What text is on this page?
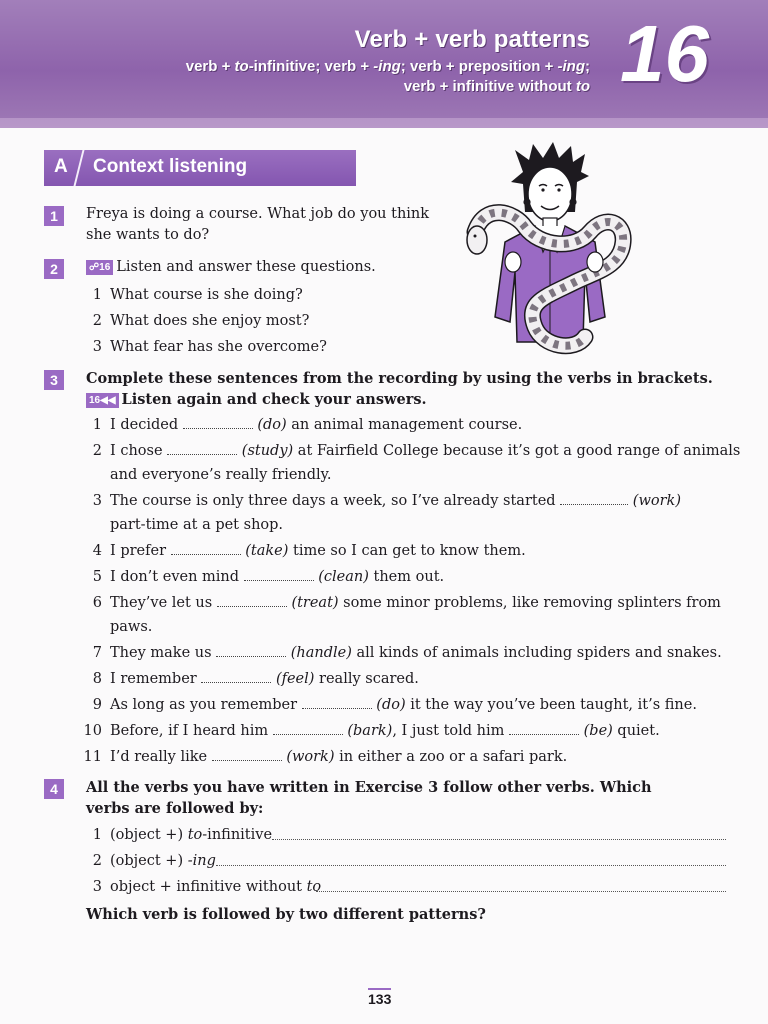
Verb + verb patterns
verb + to-infinitive; verb + -ing; verb + preposition + -ing;
verb + infinitive without to 16
A Context listening
1	Freya is doing a course. What job do you think she wants to do?
2	☍16 Listen and answer these questions.
1 What course is she doing?
2 What does she enjoy most?
3 What fear has she overcome?
3	Complete these sentences from the recording by using the verbs in brackets.
16◀◀ Listen again and check your answers.
1 I decided	(do) an animal management course.
2 I chose	(study) at Fairfield College because it’s got a good range of animals
and everyone’s really friendly.
3 The course is only three days a week, so I’ve already started	(work)
part-time at a pet shop.
4 I prefer	(take) time so I can get to know them.
5 I don’t even mind	(clean) them out.
6 They’ve let us	(treat) some minor problems, like removing splinters from
paws.
7 They make us	(handle) all kinds of animals including spiders and snakes.
8 I remember	(feel) really scared.
9 As long as you remember	(do) it the way you’ve been taught, it’s fine.
10 Before, if I heard him	(bark), I just told him	(be) quiet.
11 I’d really like	(work) in either a zoo or a safari park.
4	All the verbs you have written in Exercise 3 follow other verbs. Which verbs are followed by:
1 (object +) to-infinitive
2 (object +) -ing
3 object + infinitive without to
Which verb is followed by two different patterns?
133
